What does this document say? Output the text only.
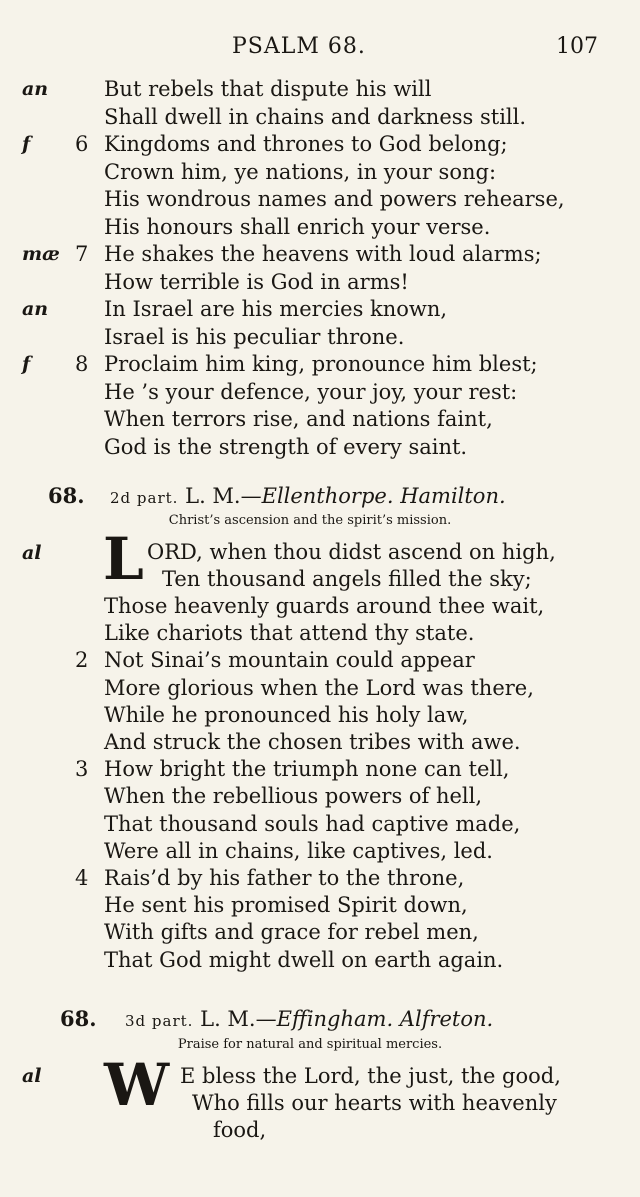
PSALM 68.	107
an	But rebels that dispute his will
Shall dwell in chains and darkness still.
f 6 Kingdoms and thrones to God belong;
Crown him, ye nations, in your song:
His wondrous names and powers rehearse,
His honours shall enrich your verse.
mæ 7 He shakes the heavens with loud alarms;
How terrible is God in arms!
an	In Israel are his mercies known,
Israel is his peculiar throne.
f 8 Proclaim him king, pronounce him blest;
He ’s your defence, your joy, your rest:
When terrors rise, and nations faint,
God is the strength of every saint.
68. 2d part. L. M.—Ellenthorpe. Hamilton.
Christ’s ascension and the spirit’s mission.
al L ORD, when thou didst ascend on high,
Ten thousand angels filled the sky;
Those heavenly guards around thee wait,
Like chariots that attend thy state.
2 Not Sinai’s mountain could appear
More glorious when the Lord was there,
While he pronounced his holy law,
And struck the chosen tribes with awe.
3 How bright the triumph none can tell,
When the rebellious powers of hell,
That thousand souls had captive made,
Were all in chains, like captives, led.
4 Rais’d by his father to the throne,
He sent his promised Spirit down,
With gifts and grace for rebel men,
That God might dwell on earth again.
68. 3d part. L. M.—Effingham. Alfreton.
Praise for natural and spiritual mercies.
al W E bless the Lord, the just, the good,
Who fills our hearts with heavenly
food,
